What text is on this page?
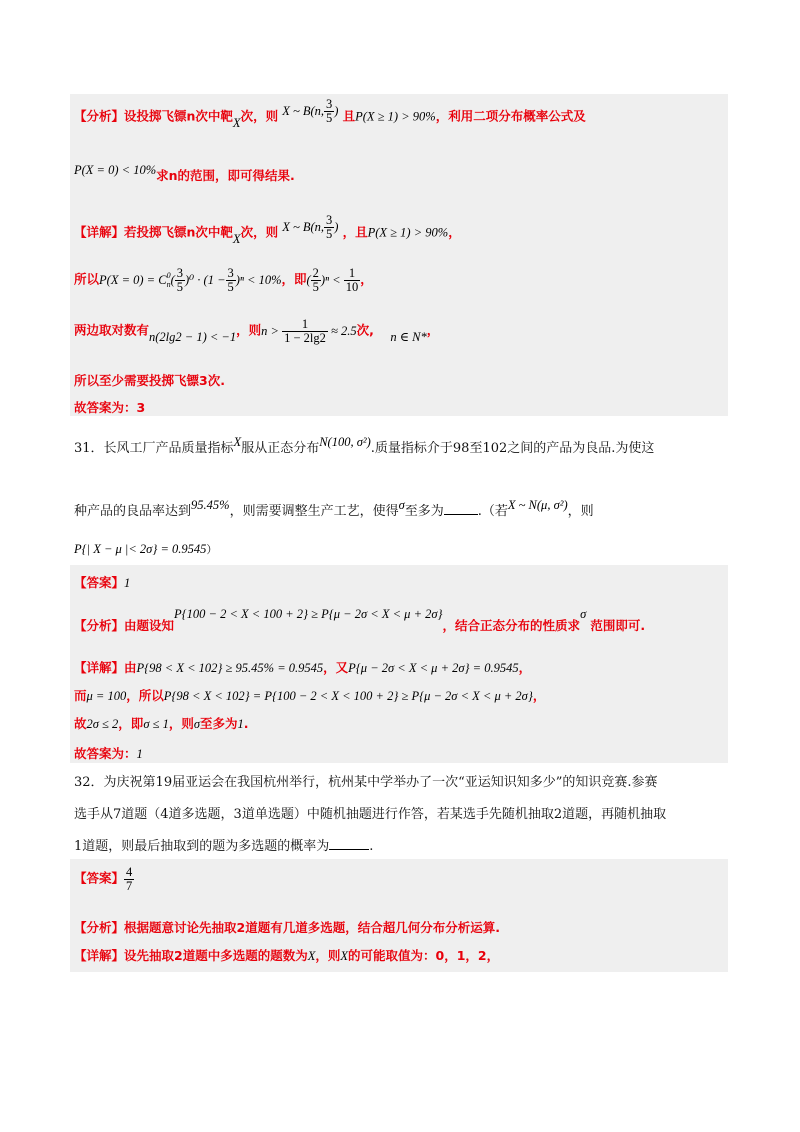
【分析】设投掷飞镖n次中靶X次，则 X ~ B(n, $\frac{3}{5}$ ) 且P(X ≥ 1) > 90%，利用二项分布概率公式及
P(X = 0) < 10%求n的范围，即可得结果.
【详解】若投掷飞镖n次中靶X次，则 X ~ B(n, $\frac{3}{5}$ ) ，且P(X ≥ 1) > 90%，
所以P(X = 0) = C 0
n ( $\frac{3}{5} )^0 \cdot (1 - \frac{3}{5} )^n < 10\%$，即( $\frac{2}{5} )^n < \frac{1}{10}$ ，
两边取对数有n(2lg2 − 1) < −1，则$n > \frac{1}{1 - 2\lg 2} \approx 2.5$次, n ∈ N*，
所以至少需要投掷飞镖3次.
故答案为：3
31．长风工厂产品质量指标X服从正态分布N(100, σ²).质量指标介于98至102之间的产品为良品.为使这
种产品的良品率达到95.45%，则需要调整生产工艺，使得σ至多为	.（若X ~ N(μ, σ²)，则
P{| X − μ |< 2σ} = 0.9545）
【答案】1
【分析】由题设知P{100 − 2 < X < 100 + 2} ≥ P{μ − 2σ < X < μ + 2σ}，结合正态分布的性质求σ 范围即可.
【详解】由P{98 < X < 102} ≥ 95.45% = 0.9545，又P{μ − 2σ < X < μ + 2σ} = 0.9545，
而μ = 100，所以P{98 < X < 102} = P{100 − 2 < X < 100 + 2} ≥ P{μ − 2σ < X < μ + 2σ}，
故2σ ≤ 2，即σ ≤ 1，则σ至多为1.
故答案为：1
32．为庆祝第19届亚运会在我国杭州举行，杭州某中学举办了一次“亚运知识知多少”的知识竞赛.参赛
选手从7道题（4道多选题，3道单选题）中随机抽题进行作答，若某选手先随机抽取2道题，再随机抽取
1道题，则最后抽取到的题为多选题的概率为	.
【答案】 $\frac{4}{7}$
【分析】根据题意讨论先抽取2道题有几道多选题，结合超几何分布分析运算.
【详解】设先抽取2道题中多选题的题数为X，则X的可能取值为：0，1，2，
